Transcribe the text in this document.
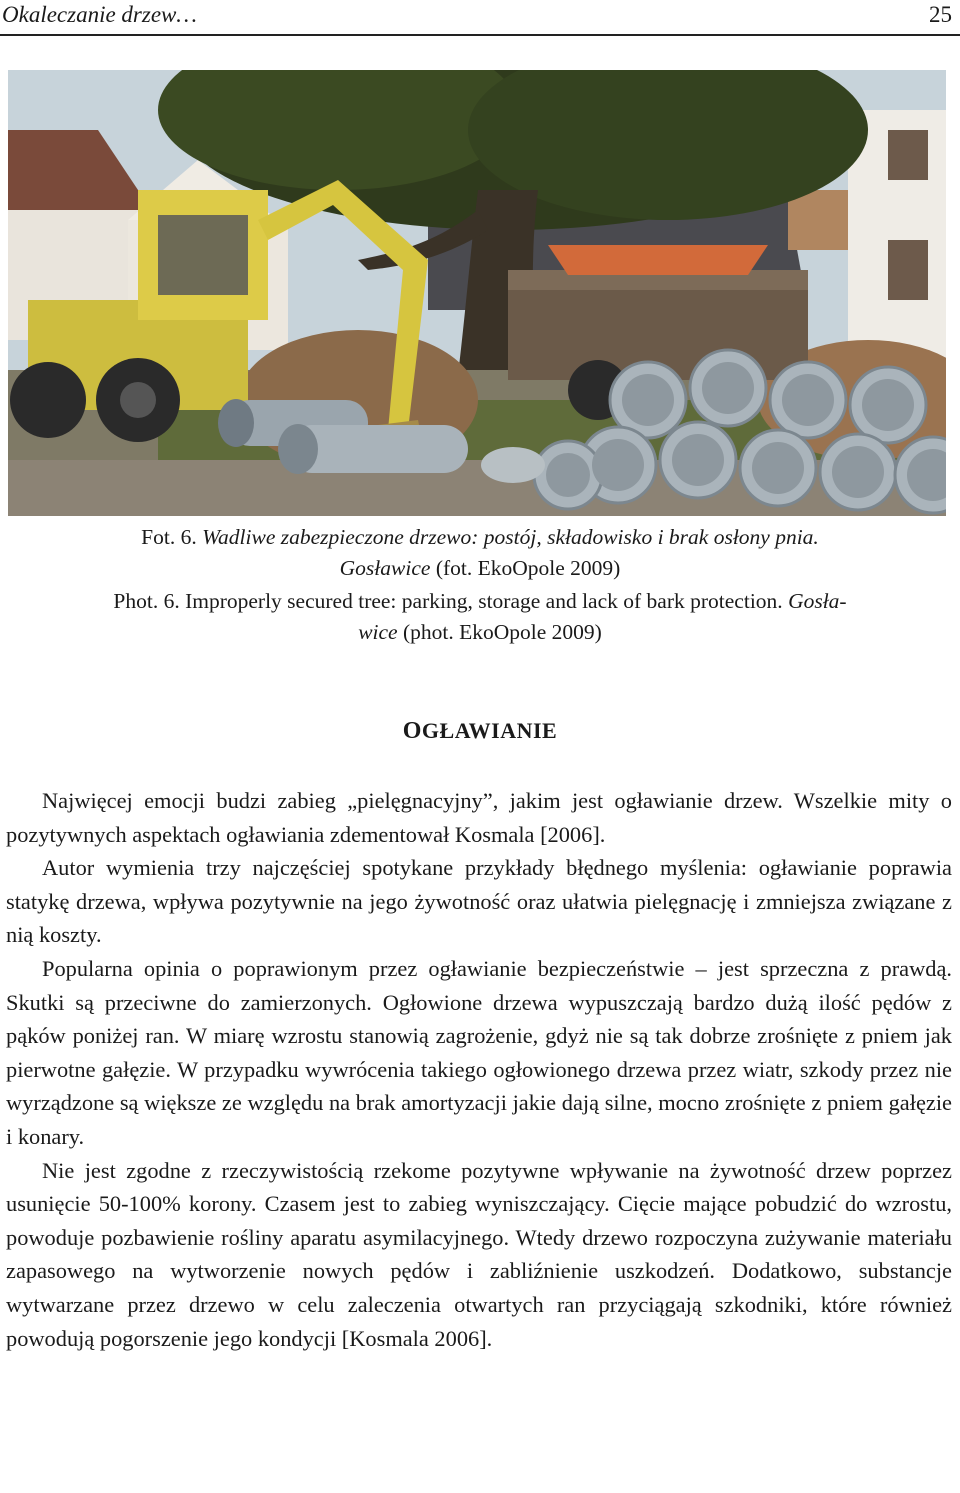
Okaleczanie drzew…	25
Fot. 6. Wadliwe zabezpieczone drzewo: postój, składowisko i brak osłony pnia.
Gosławice (fot. EkoOpole 2009)
Phot. 6. Improperly secured tree: parking, storage and lack of bark protection. Gosła-
wice (phot. EkoOpole 2009)
OGŁAWIANIE

Najwięcej emocji budzi zabieg „pielęgnacyjny”, jakim jest ogławianie drzew. Wszelkie mity o pozytywnych aspektach ogławiania zdementował Kosmala [2006].

Autor wymienia trzy najczęściej spotykane przykłady błędnego myślenia: ogławianie poprawia statykę drzewa, wpływa pozytywnie na jego żywotność oraz ułatwia pielęgnację i zmniejsza związane z nią koszty.

Popularna opinia o poprawionym przez ogławianie bezpieczeństwie – jest sprzeczna z prawdą. Skutki są przeciwne do zamierzonych. Ogłowione drzewa wypuszczają bardzo dużą ilość pędów z pąków poniżej ran. W miarę wzrostu stanowią zagrożenie, gdyż nie są tak dobrze zrośnięte z pniem jak pierwotne gałęzie. W przypadku wywrócenia takiego ogłowionego drzewa przez wiatr, szkody przez nie wyrządzone są większe ze względu na brak amortyzacji jakie dają silne, mocno zrośnięte z pniem gałęzie i konary.

Nie jest zgodne z rzeczywistością rzekome pozytywne wpływanie na żywotność drzew poprzez usunięcie 50-100% korony. Czasem jest to zabieg wyniszczający. Cięcie mające pobudzić do wzrostu, powoduje pozbawienie rośliny aparatu asymilacyjnego. Wtedy drzewo rozpoczyna zużywanie materiału zapasowego na wytworzenie nowych pędów i zabliźnienie uszkodzeń. Dodatkowo, substancje wytwarzane przez drzewo w celu zaleczenia otwartych ran przyciągają szkodniki, które również powodują pogorszenie jego kondycji [Kosmala 2006].
